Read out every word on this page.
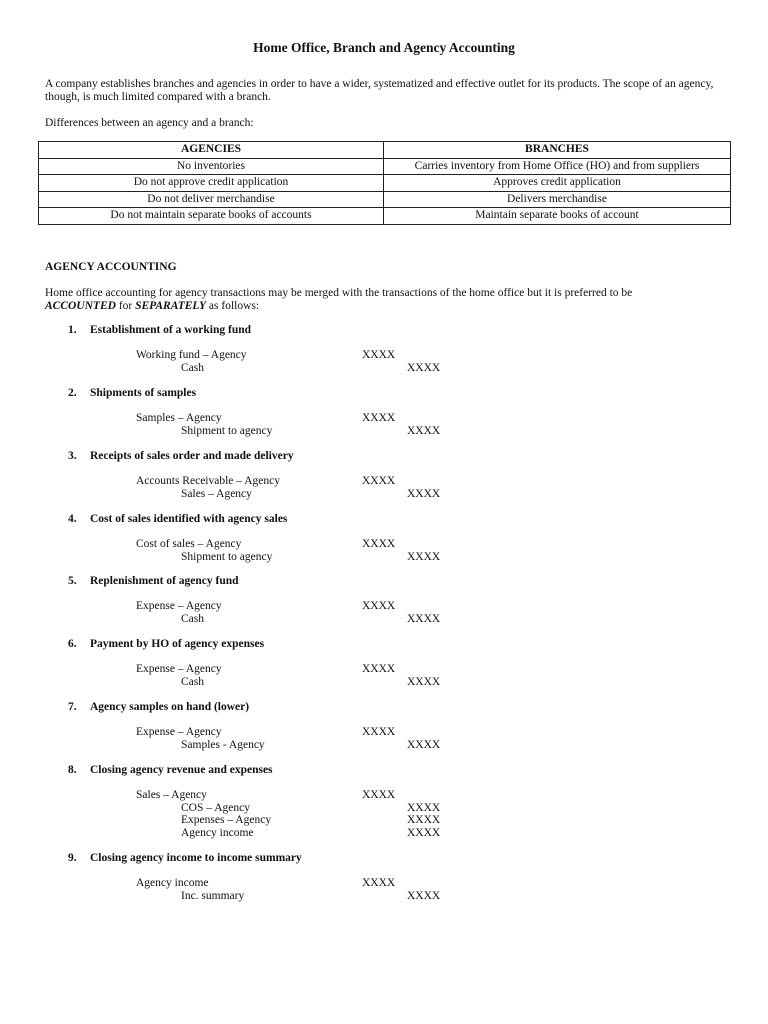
Home Office, Branch and Agency Accounting
A company establishes branches and agencies in order to have a wider, systematized and effective outlet for its products. The scope of an agency, though, is much limited compared with a branch.
Differences between an agency and a branch:
AGENCIES	BRANCHES
No inventories	Carries inventory from Home Office (HO) and from suppliers
Do not approve credit application	Approves credit application
Do not deliver merchandise	Delivers merchandise
Do not maintain separate books of accounts	Maintain separate books of account
AGENCY ACCOUNTING
Home office accounting for agency transactions may be merged with the transactions of the home office but it is preferred to be
ACCOUNTED for SEPARATELY as follows:
1. Establishment of a working fund
Working fund – Agency	XXXX
Cash	XXXX
2. Shipments of samples
Samples – Agency	XXXX
Shipment to agency	XXXX
3. Receipts of sales order and made delivery
Accounts Receivable – Agency	XXXX
Sales – Agency	XXXX
4. Cost of sales identified with agency sales
Cost of sales – Agency	XXXX
Shipment to agency	XXXX
5. Replenishment of agency fund
Expense – Agency	XXXX
Cash	XXXX
6. Payment by HO of agency expenses
Expense – Agency	XXXX
Cash	XXXX
7. Agency samples on hand (lower)
Expense – Agency	XXXX
Samples - Agency	XXXX
8. Closing agency revenue and expenses
Sales – Agency	XXXX
COS – Agency	XXXX
Expenses – Agency	XXXX
Agency income	XXXX
9. Closing agency income to income summary
Agency income	XXXX
Inc. summary	XXXX
